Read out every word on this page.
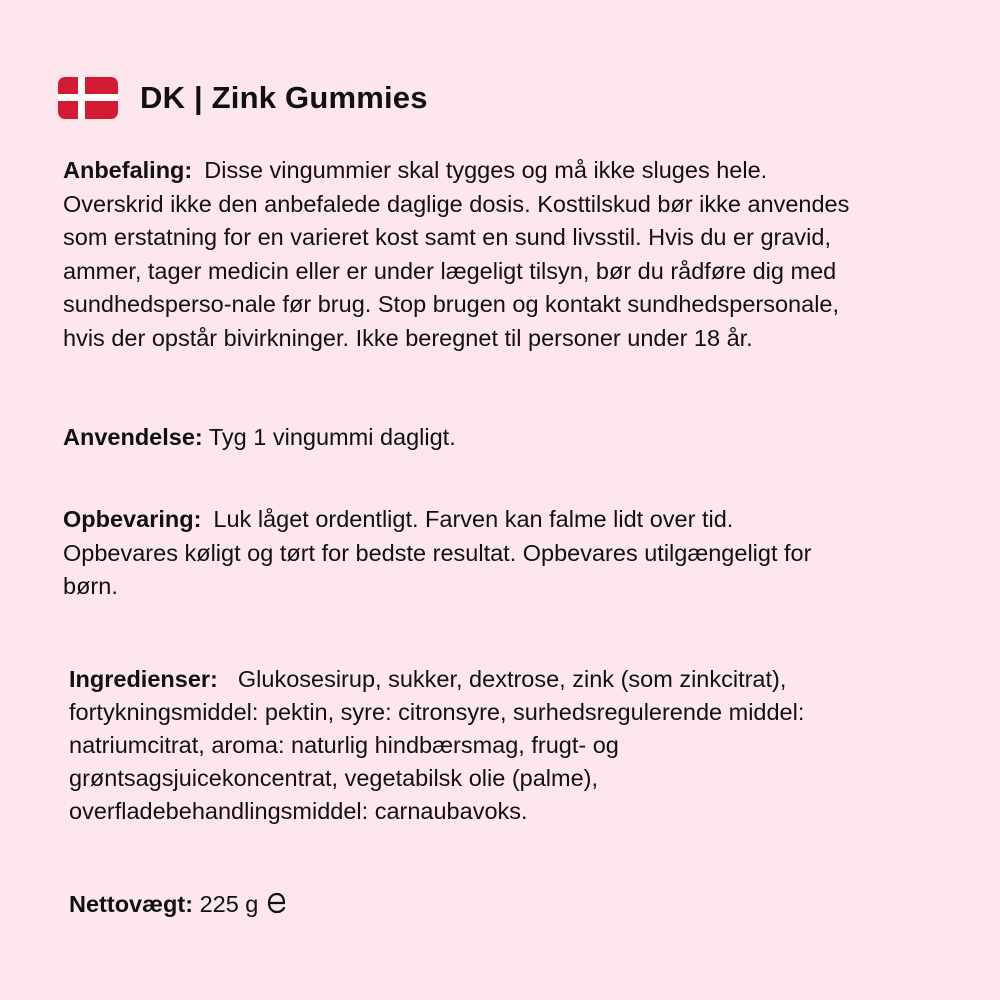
DK | Zink Gummies
Anbefaling: Disse vingummier skal tygges og må ikke sluges hele. Overskrid ikke den anbefalede daglige dosis. Kosttilskud bør ikke anvendes som erstatning for en varieret kost samt en sund livsstil. Hvis du er gravid, ammer, tager medicin eller er under lægeligt tilsyn, bør du rådføre dig med sundhedsperso-nale før brug. Stop brugen og kontakt sundhedspersonale, hvis der opstår bivirkninger. Ikke beregnet til personer under 18 år.
Anvendelse: Tyg 1 vingummi dagligt.
Opbevaring: Luk låget ordentligt. Farven kan falme lidt over tid. Opbevares køligt og tørt for bedste resultat. Opbevares utilgængeligt for børn.
Ingredienser: Glukosesirup, sukker, dextrose, zink (som zinkcitrat), fortykningsmiddel: pektin, syre: citronsyre, surhedsregulerende middel: natriumcitrat, aroma: naturlig hindbærsmag, frugt- og grøntsagsjuicekoncentrat, vegetabilsk olie (palme), overfladebehandlingsmiddel: carnaubavoks.
Nettovægt: 225 g
